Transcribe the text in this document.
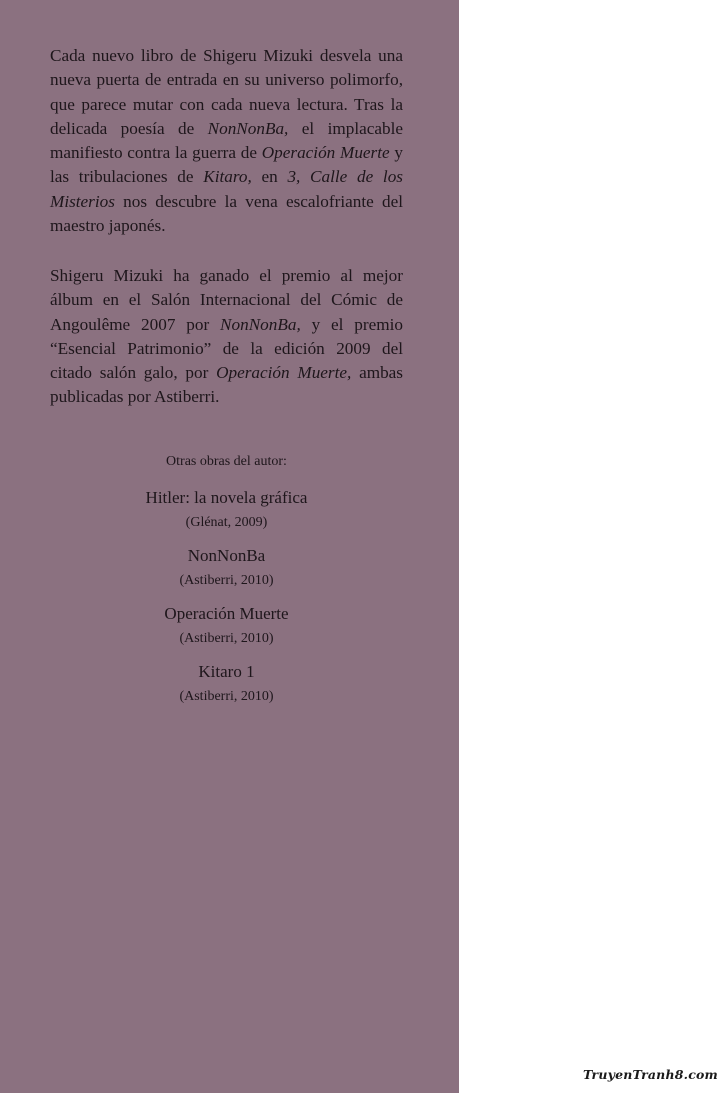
Cada nuevo libro de Shigeru Mizuki desvela una nueva puerta de entrada en su universo polimorfo, que parece mutar con cada nueva lectura. Tras la delicada poesía de NonNonBa, el implacable manifiesto contra la guerra de Operación Muerte y las tribulaciones de Kitaro, en 3, Calle de los Misterios nos descubre la vena escalofriante del maestro japonés.

Shigeru Mizuki ha ganado el premio al mejor álbum en el Salón Internacional del Cómic de Angoulême 2007 por NonNonBa, y el premio “Esencial Patrimonio” de la edición 2009 del citado salón galo, por Operación Muerte, ambas publicadas por Astiberri.

Otras obras del autor:
Hitler: la novela gráfica
(Glénat, 2009)
NonNonBa
(Astiberri, 2010)
Operación Muerte
(Astiberri, 2010)
Kitaro 1
(Astiberri, 2010)
TruyenTranh8.com
